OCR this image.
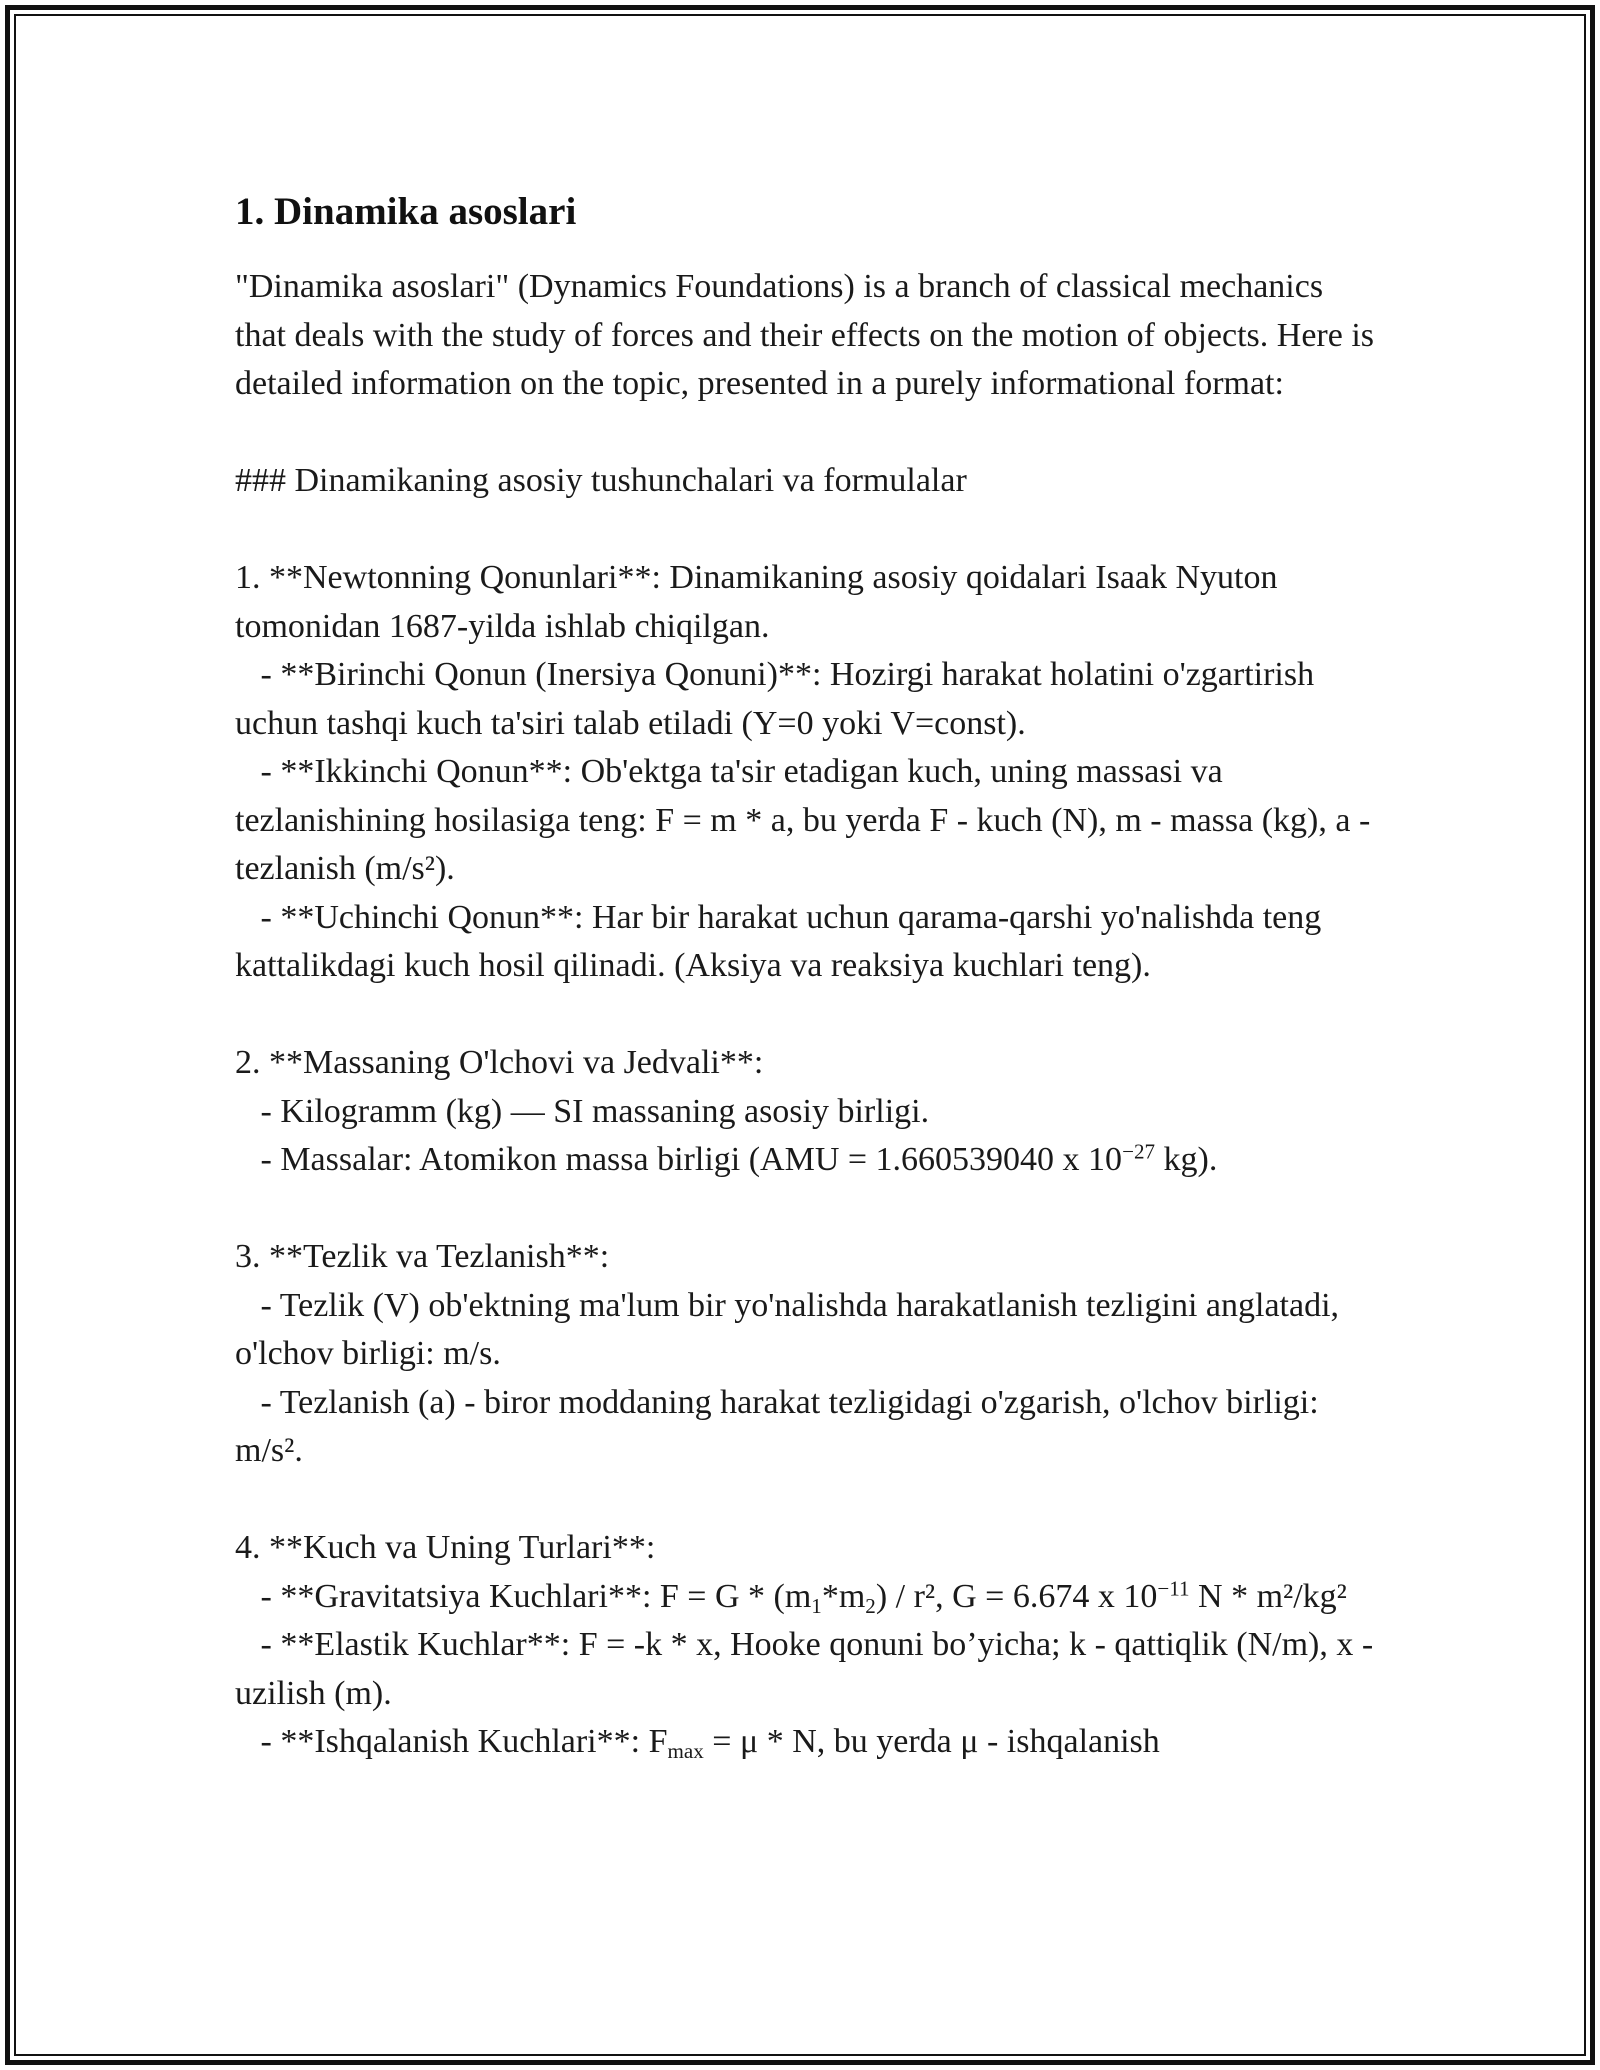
1. Dinamika asoslari

"Dinamika asoslari" (Dynamics Foundations) is a branch of classical mechanics that deals with the study of forces and their effects on the motion of objects. Here is detailed information on the topic, presented in a purely informational format:

### Dinamikaning asosiy tushunchalari va formulalar

1. **Newtonning Qonunlari**: Dinamikaning asosiy qoidalari Isaak Nyuton tomonidan 1687-yilda ishlab chiqilgan.

- **Birinchi Qonun (Inersiya Qonuni)**: Hozirgi harakat holatini o'zgartirish uchun tashqi kuch ta'siri talab etiladi (Y=0 yoki V=const).

- **Ikkinchi Qonun**: Ob'ektga ta'sir etadigan kuch, uning massasi va tezlanishining hosilasiga teng: F = m * a, bu yerda F - kuch (N), m - massa (kg), a - tezlanish (m/s²).

- **Uchinchi Qonun**: Har bir harakat uchun qarama-qarshi yo'nalishda teng kattalikdagi kuch hosil qilinadi. (Aksiya va reaksiya kuchlari teng).

2. **Massaning O'lchovi va Jedvali**:

- Kilogramm (kg) — SI massaning asosiy birligi.

- Massalar: Atomikon massa birligi (AMU = 1.660539040 x $10^{-27}$ kg).

3. **Tezlik va Tezlanish**:

- Tezlik (V) ob'ektning ma'lum bir yo'nalishda harakatlanish tezligini anglatadi, o'lchov birligi: m/s.

- Tezlanish (a) - biror moddaning harakat tezligidagi o'zgarish, o'lchov birligi: m/s².

4. **Kuch va Uning Turlari**:

- **Gravitatsiya Kuchlari**: $F = G * (m_1*m_2) / r^2$, G = 6.674 x $10^{-11}$ N * m²/kg²

- **Elastik Kuchlar**: F = -k * x, Hooke qonuni bo’yicha; k - qattiqlik (N/m), x - uzilish (m).

- **Ishqalanish Kuchlari**: $F_{max} = \mu * N$, bu yerda μ - ishqalanish
